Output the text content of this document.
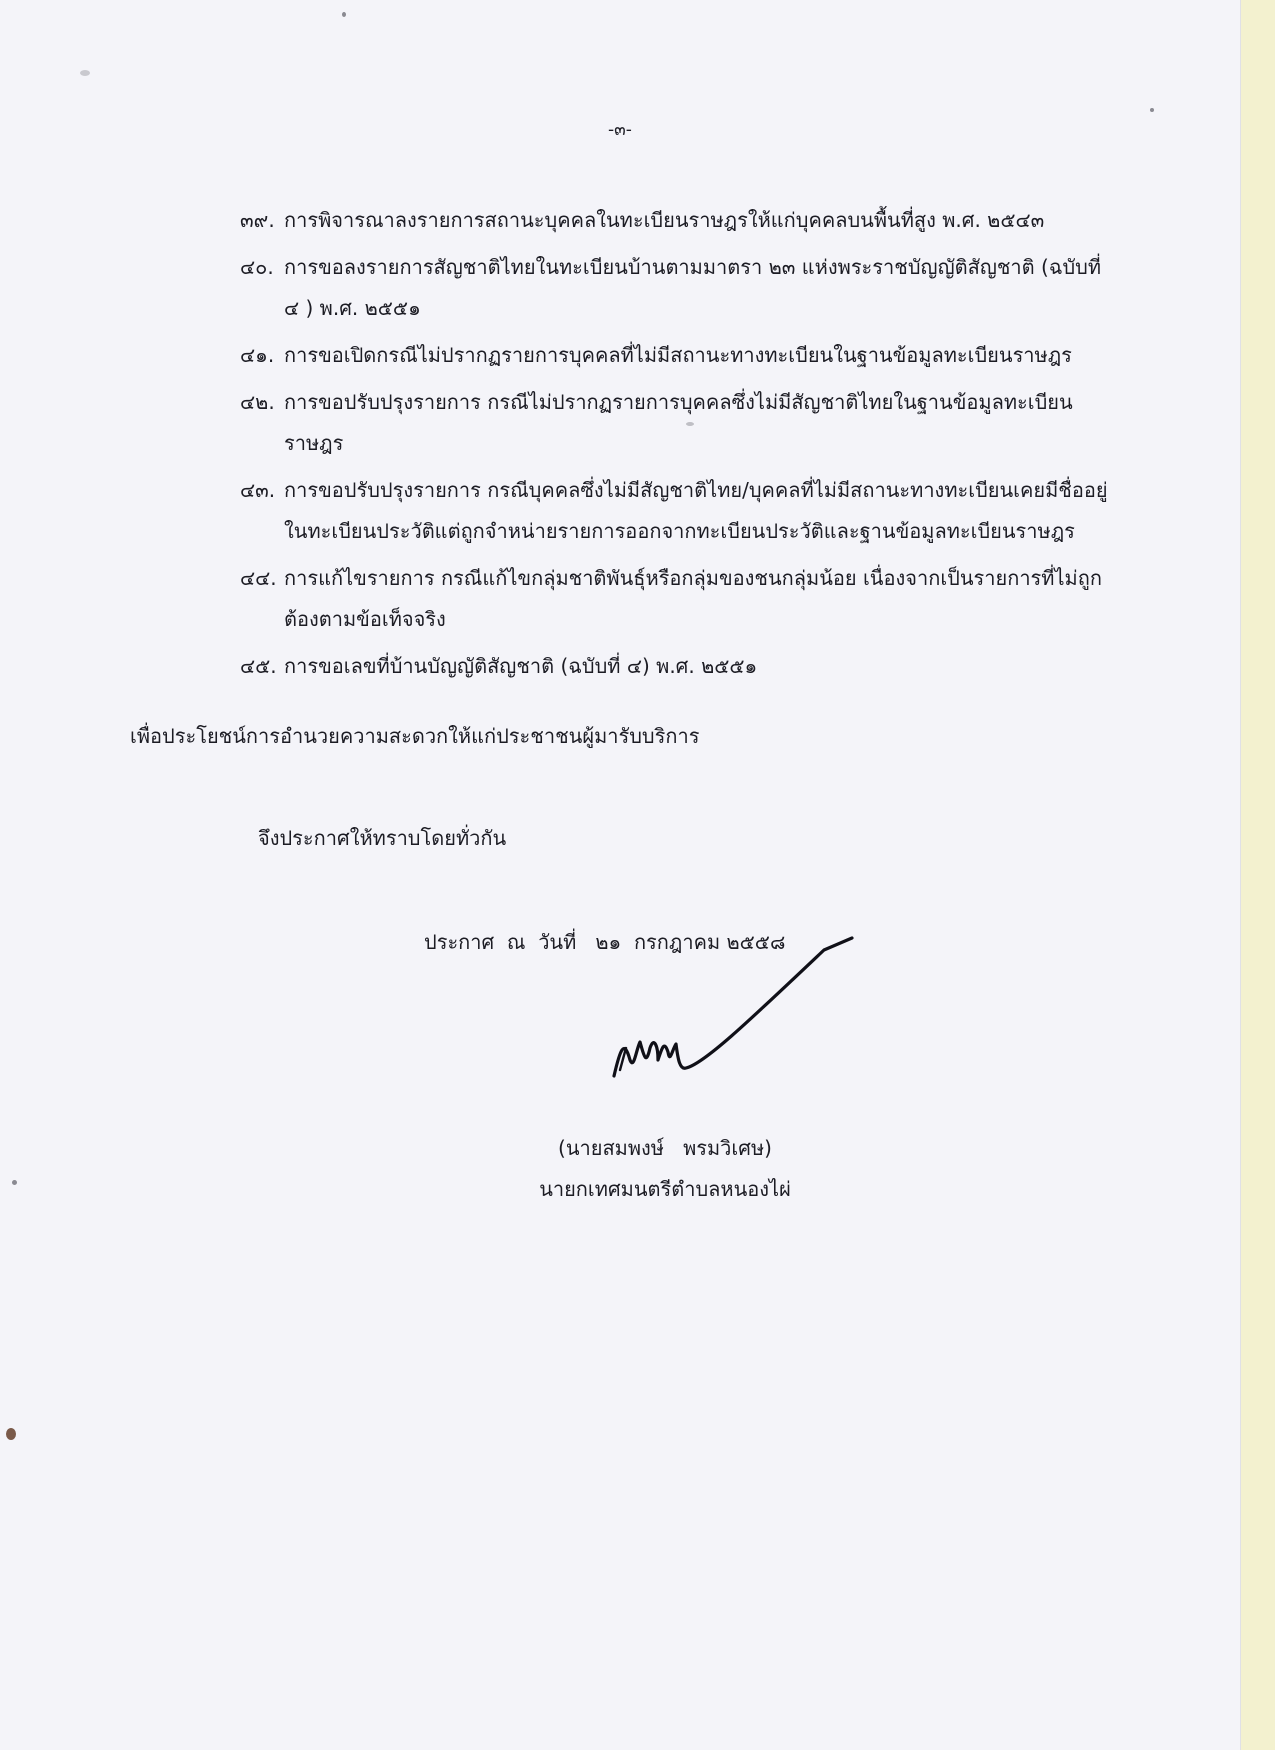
-๓-
๓๙. การพิจารณาลงรายการสถานะบุคคลในทะเบียนราษฎรให้แก่บุคคลบนพื้นที่สูง พ.ศ. ๒๕๔๓
๔๐. การขอลงรายการสัญชาติไทยในทะเบียนบ้านตามมาตรา ๒๓ แห่งพระราชบัญญัติสัญชาติ (ฉบับที่ ๔ ) พ.ศ. ๒๕๕๑
๔๑. การขอเปิดกรณีไม่ปรากฏรายการบุคคลที่ไม่มีสถานะทางทะเบียนในฐานข้อมูลทะเบียนราษฎร
๔๒. การขอปรับปรุงรายการ กรณีไม่ปรากฏรายการบุคคลซึ่งไม่มีสัญชาติไทยในฐานข้อมูลทะเบียนราษฎร
๔๓. การขอปรับปรุงรายการ กรณีบุคคลซึ่งไม่มีสัญชาติไทย/บุคคลที่ไม่มีสถานะทางทะเบียนเคยมีชื่ออยู่ในทะเบียนประวัติแต่ถูกจำหน่ายรายการออกจากทะเบียนประวัติและฐานข้อมูลทะเบียนราษฎร
๔๔. การแก้ไขรายการ กรณีแก้ไขกลุ่มชาติพันธุ์หรือกลุ่มของชนกลุ่มน้อย เนื่องจากเป็นรายการที่ไม่ถูกต้องตามข้อเท็จจริง
๔๕. การขอเลขที่บ้านบัญญัติสัญชาติ (ฉบับที่ ๔) พ.ศ. ๒๕๕๑
เพื่อประโยชน์การอำนวยความสะดวกให้แก่ประชาชนผู้มารับบริการ
จึงประกาศให้ทราบโดยทั่วกัน
ประกาศ  ณ  วันที่   ๒๑  กรกฎาคม ๒๕๕๘
(นายสมพงษ์   พรมวิเศษ)
นายกเทศมนตรีตำบลหนองไผ่
